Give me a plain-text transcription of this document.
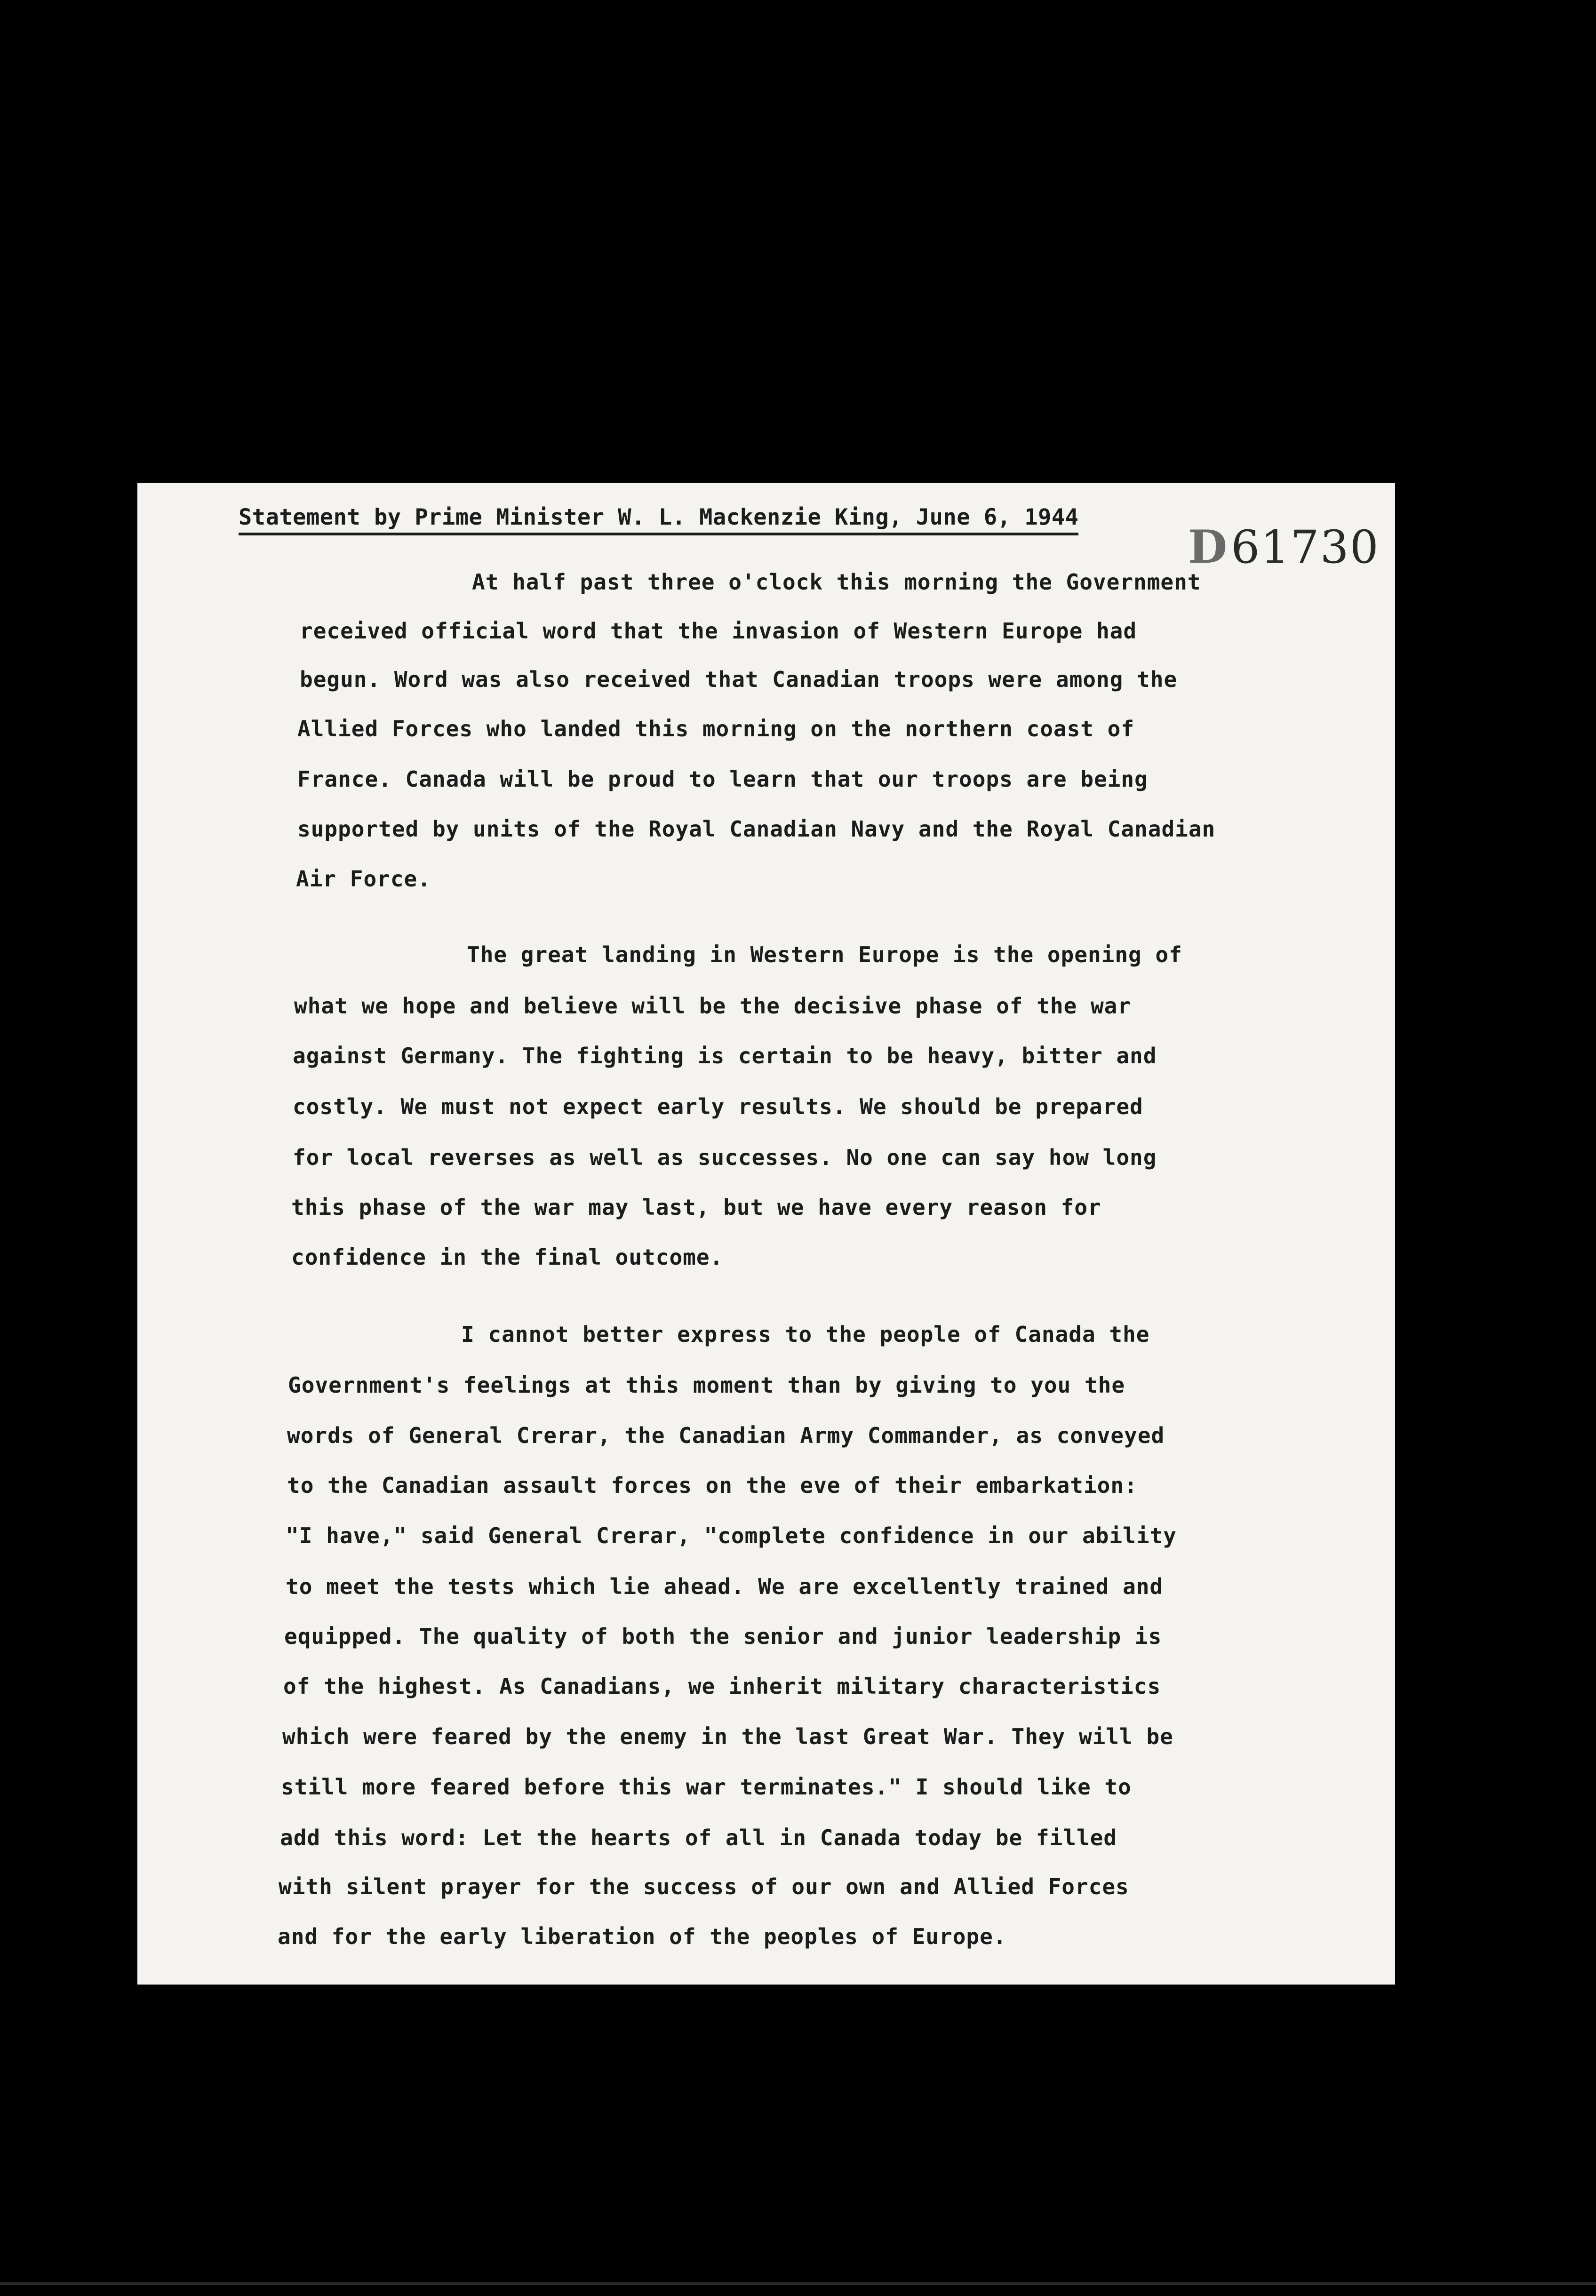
Statement by Prime Minister W. L. Mackenzie King, June 6, 1944
D61730
At half past three o'clock this morning the Government
received official word that the invasion of Western Europe had
begun. Word was also received that Canadian troops were among the
Allied Forces who landed this morning on the northern coast of
France. Canada will be proud to learn that our troops are being
supported by units of the Royal Canadian Navy and the Royal Canadian
Air Force.
The great landing in Western Europe is the opening of
what we hope and believe will be the decisive phase of the war
against Germany. The fighting is certain to be heavy, bitter and
costly. We must not expect early results. We should be prepared
for local reverses as well as successes. No one can say how long
this phase of the war may last, but we have every reason for
confidence in the final outcome.
I cannot better express to the people of Canada the
Government's feelings at this moment than by giving to you the
words of General Crerar, the Canadian Army Commander, as conveyed
to the Canadian assault forces on the eve of their embarkation:
"I have," said General Crerar, "complete confidence in our ability
to meet the tests which lie ahead. We are excellently trained and
equipped. The quality of both the senior and junior leadership is
of the highest. As Canadians, we inherit military characteristics
which were feared by the enemy in the last Great War. They will be
still more feared before this war terminates." I should like to
add this word: Let the hearts of all in Canada today be filled
with silent prayer for the success of our own and Allied Forces
and for the early liberation of the peoples of Europe.
